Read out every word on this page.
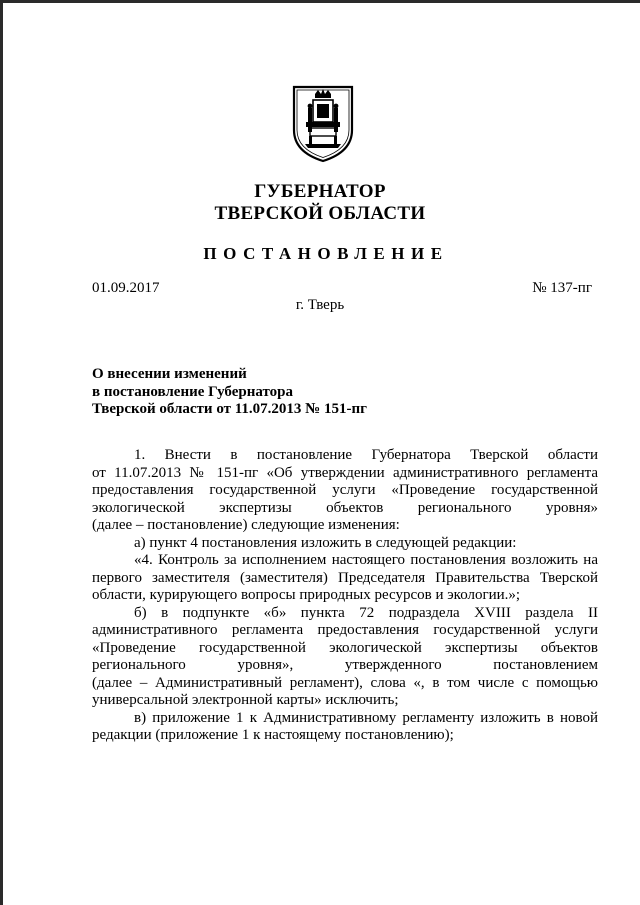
ГУБЕРНАТОР
ТВЕРСКОЙ ОБЛАСТИ
ПОСТАНОВЛЕНИЕ
01.09.2017	№ 137-пг
г. Тверь
О внесении изменений
в постановление Губернатора
Тверской области от 11.07.2013 № 151-пг
1. Внести в постановление Губернатора Тверской области
от 11.07.2013 № 151-пг «Об утверждении административного регламента
предоставления государственной услуги «Проведение государственной
экологической экспертизы объектов регионального уровня»
(далее – постановление) следующие изменения:
а) пункт 4 постановления изложить в следующей редакции:
«4. Контроль за исполнением настоящего постановления возложить на
первого заместителя (заместителя) Председателя Правительства Тверской
области, курирующего вопросы природных ресурсов и экологии.»;
б) в подпункте «б» пункта 72 подраздела XVIII раздела II
административного регламента предоставления государственной услуги
«Проведение государственной экологической экспертизы объектов
регионального уровня», утвержденного постановлением
(далее – Административный регламент), слова «, в том числе с помощью
универсальной электронной карты» исключить;
в) приложение 1 к Административному регламенту изложить в новой
редакции (приложение 1 к настоящему постановлению);
